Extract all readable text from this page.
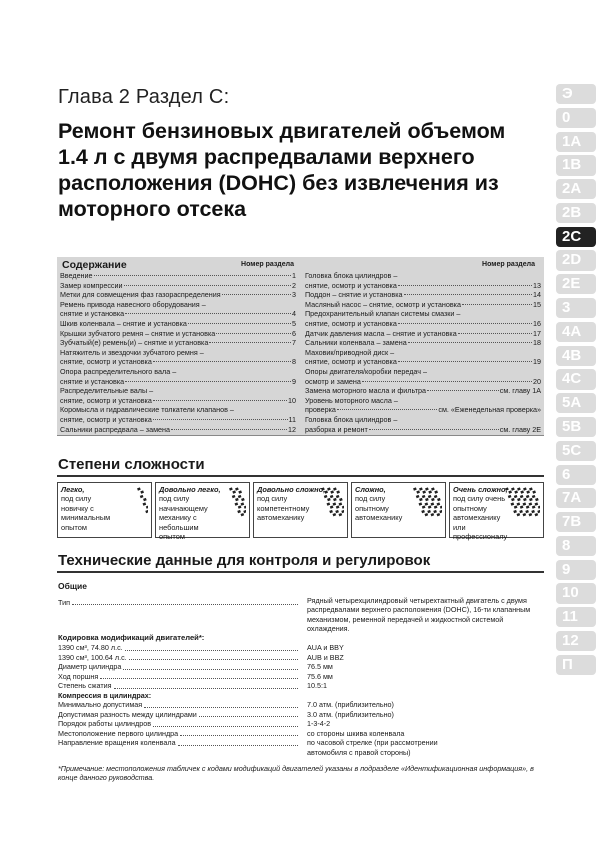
Глава 2 Раздел С:
Ремонт бензиновых двигателей объемом 1.4 л с двумя распредвалами верхнего расположения (DOHC) без извлечения из моторного отсека
Содержание	Номер раздела
Введение	1
Замер компрессии	2
Метки для совмещения фаз газораспределения	3
Ремень привода навесного оборудования –
снятие и установка	4
Шкив коленвала – снятие и установка	5
Крышки зубчатого ремня – снятие и установка	6
Зубчатый(е) ремень(и) – снятие и установка	7
Натяжитель и звездочки зубчатого ремня –
снятие, осмотр и установка	8
Опора распределительного вала –
снятие и установка	9
Распределительные валы –
снятие, осмотр и установка	10
Коромысла и гидравлические толкатели клапанов –
снятие, осмотр и установка	11
Сальники распредвала – замена	12
Номер раздела
Головка блока цилиндров –
снятие, осмотр и установка	13
Поддон – снятие и установка	14
Масляный насос – снятие, осмотр и установка	15
Предохранительный клапан системы смазки –
снятие, осмотр и установка	16
Датчик давления масла – снятие и установка	17
Сальники коленвала – замена	18
Маховик/приводной диск –
снятие, осмотр и установка	19
Опоры двигателя/коробки передач –
осмотр и замена	20
Замена моторного масла и фильтра	см. главу 1А
Уровень моторного масла –
проверка	см. «Еженедельная проверка»
Головка блока цилиндров –
разборка и ремонт	см. главу 2Е
Степени сложности
Легко,
под силу новичку с минимальным опытом
Довольно легко,
под силу начинающему механику с небольшим опытом
Довольно сложно,
под силу компетентному автомеханику
Сложно,
под силу опытному автомеханику
Очень сложно,
под силу очень опытному автомеханику или профессионалу
Технические данные для контроля и регулировок
Общие
Тип	Рядный четырехцилиндровый четырехтактный двигатель с двумя распредвалами верхнего расположения (DOHC), 16-ти клапанным механизмом, ременной передачей и жидкостной системой охлаждения.
Кодировка модификаций двигателей*:
1390 см³, 74.80 л.с.	AUA и BBY
1390 см³, 100.64 л.с.	AUB и BBZ
Диаметр цилиндра	76.5 мм
Ход поршня	75.6 мм
Степень сжатия	10.5:1
Компрессия в цилиндрах:
Минимально допустимая	7.0 атм. (приблизительно)
Допустимая разность между цилиндрами	3.0 атм. (приблизительно)
Порядок работы цилиндров	1-3-4-2
Местоположение первого цилиндра	со стороны шкива коленвала
Направление вращения коленвала	по часовой стрелке (при рассмотрении
автомобиля с правой стороны)
*Примечание: местоположения табличек с кодами модификаций двигателей указаны в подразделе «Идентификационная информация», в конце данного руководства.
Э
0
1А
1В
2А
2В
2С
2D
2Е
3
4А
4В
4С
5А
5В
5С
6
7А
7В
8
9
10
11
12
П
